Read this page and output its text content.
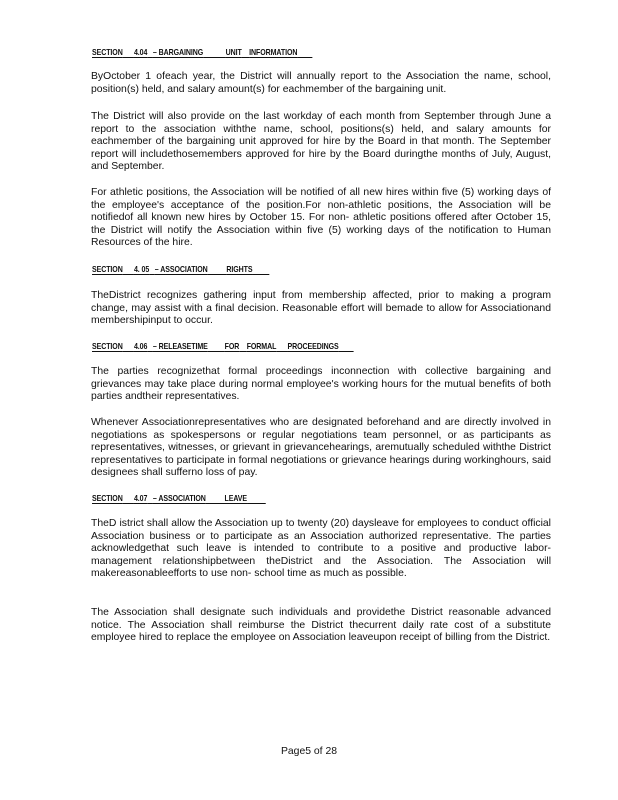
SECTION 4.04 – BARGAINING	UNIT INFORMATION

ByOctober 1 ofeach year, the District will annually report to the Association the name, school, position(s) held, and salary amount(s) for eachmember of the bargaining unit.

The District will also provide on the last workday of each month from September through June a report to the association withthe name, school, positions(s) held, and salary amounts for eachmember of the bargaining unit approved for hire by the Board in that month. The September report will includethosemembers approved for hire by the Board duringthe months of July, August, and September.

For athletic positions, the Association will be notified of all new hires within five (5) working days of the employee's acceptance of the position.For non-athletic positions, the Association will be notifiedof all known new hires by October 15. For non- athletic positions offered after October 15, the District will notify the Association within five (5) working days of the notification to Human Resources of the hire.

SECTION 4. 05 – ASSOCIATION RIGHTS

TheDistrict recognizes gathering input from membership affected, prior to making a program change, may assist with a final decision. Reasonable effort will bemade to allow for Associationand membershipinput to occur.

SECTION 4.06 – RELEASETIME FOR FORMAL PROCEEDINGS

The parties recognizethat formal proceedings inconnection with collective bargaining and grievances may take place during normal employee's working hours for the mutual benefits of both parties andtheir representatives.

Whenever Associationrepresentatives who are designated beforehand and are directly involved in negotiations as spokespersons or regular negotiations team personnel, or as participants as representatives, witnesses, or grievant in grievancehearings, aremutually scheduled withthe District representatives to participate in formal negotiations or grievance hearings during workinghours, said designees shall sufferno loss of pay.

SECTION 4.07 – ASSOCIATION LEAVE

TheD istrict shall allow the Association up to twenty (20) daysleave for employees to conduct official Association business or to participate as an Association authorized representative. The parties acknowledgethat such leave is intended to contribute to a positive and productive labor-management relationshipbetween theDistrict and the Association. The Association will makereasonableefforts to use non- school time as much as possible.

The Association shall designate such individuals and providethe District reasonable advanced notice. The Association shall reimburse the District thecurrent daily rate cost of a substitute employee hired to replace the employee on Association leaveupon receipt of billing from the District.

Page5 of 28
